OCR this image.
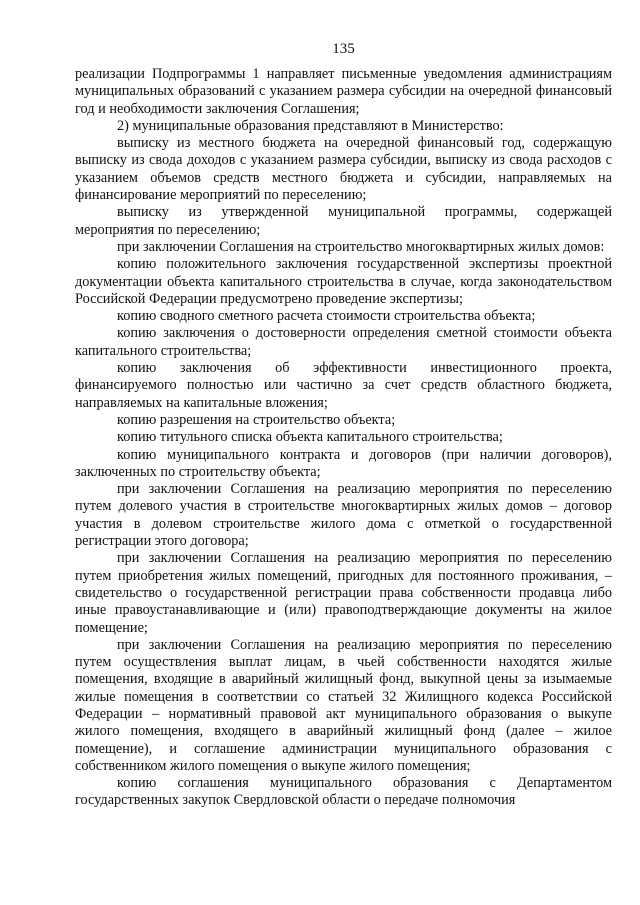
135

реализации Подпрограммы 1 направляет письменные уведомления администрациям муниципальных образований с указанием размера субсидии на очередной финансовый год и необходимости заключения Соглашения;

2) муниципальные образования представляют в Министерство:

выписку из местного бюджета на очередной финансовый год, содержащую выписку из свода доходов с указанием размера субсидии, выписку из свода расходов с указанием объемов средств местного бюджета и субсидии, направляемых на финансирование мероприятий по переселению;

выписку из утвержденной муниципальной программы, содержащей мероприятия по переселению;

при заключении Соглашения на строительство многоквартирных жилых домов:

копию положительного заключения государственной экспертизы проектной документации объекта капитального строительства в случае, когда законодательством Российской Федерации предусмотрено проведение экспертизы;

копию сводного сметного расчета стоимости строительства объекта;

копию заключения о достоверности определения сметной стоимости объекта капитального строительства;

копию заключения об эффективности инвестиционного проекта, финансируемого полностью или частично за счет средств областного бюджета, направляемых на капитальные вложения;

копию разрешения на строительство объекта;

копию титульного списка объекта капитального строительства;

копию муниципального контракта и договоров (при наличии договоров), заключенных по строительству объекта;

при заключении Соглашения на реализацию мероприятия по переселению путем долевого участия в строительстве многоквартирных жилых домов – договор участия в долевом строительстве жилого дома с отметкой о государственной регистрации этого договора;

при заключении Соглашения на реализацию мероприятия по переселению путем приобретения жилых помещений, пригодных для постоянного проживания, – свидетельство о государственной регистрации права собственности продавца либо иные правоустанавливающие и (или) правоподтверждающие документы на жилое помещение;

при заключении Соглашения на реализацию мероприятия по переселению путем осуществления выплат лицам, в чьей собственности находятся жилые помещения, входящие в аварийный жилищный фонд, выкупной цены за изымаемые жилые помещения в соответствии со статьей 32 Жилищного кодекса Российской Федерации – нормативный правовой акт муниципального образования о выкупе жилого помещения, входящего в аварийный жилищный фонд (далее – жилое помещение), и соглашение администрации муниципального образования с собственником жилого помещения о выкупе жилого помещения;

копию соглашения муниципального образования с Департаментом государственных закупок Свердловской области о передаче полномочия
